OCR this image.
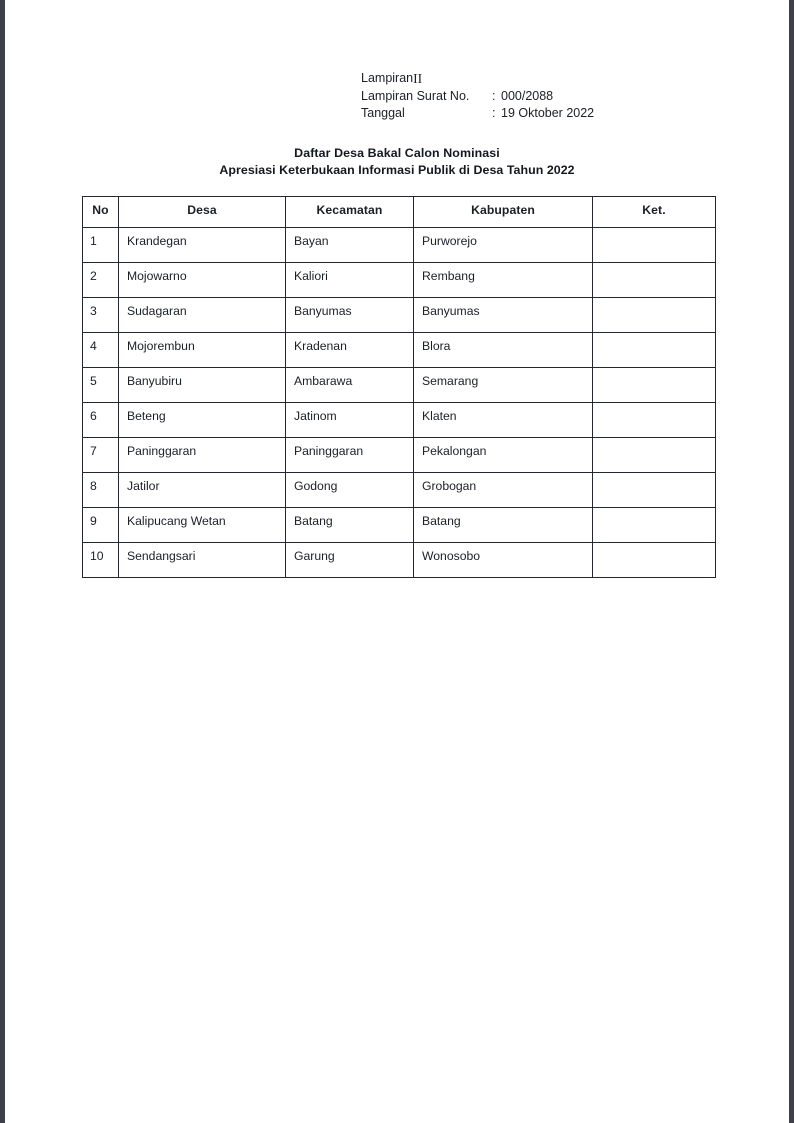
Lampiran II
Lampiran Surat No.	: 000/2088
Tanggal	: 19 Oktober 2022
Daftar Desa Bakal Calon Nominasi
Apresiasi Keterbukaan Informasi Publik di Desa Tahun 2022
No	Desa	Kecamatan	Kabupaten	Ket.
1	Krandegan	Bayan	Purworejo	
2	Mojowarno	Kaliori	Rembang	
3	Sudagaran	Banyumas	Banyumas	
4	Mojorembun	Kradenan	Blora	
5	Banyubiru	Ambarawa	Semarang	
6	Beteng	Jatinom	Klaten	
7	Paninggaran	Paninggaran	Pekalongan	
8	Jatilor	Godong	Grobogan	
9	Kalipucang Wetan	Batang	Batang	
10	Sendangsari	Garung	Wonosobo	
